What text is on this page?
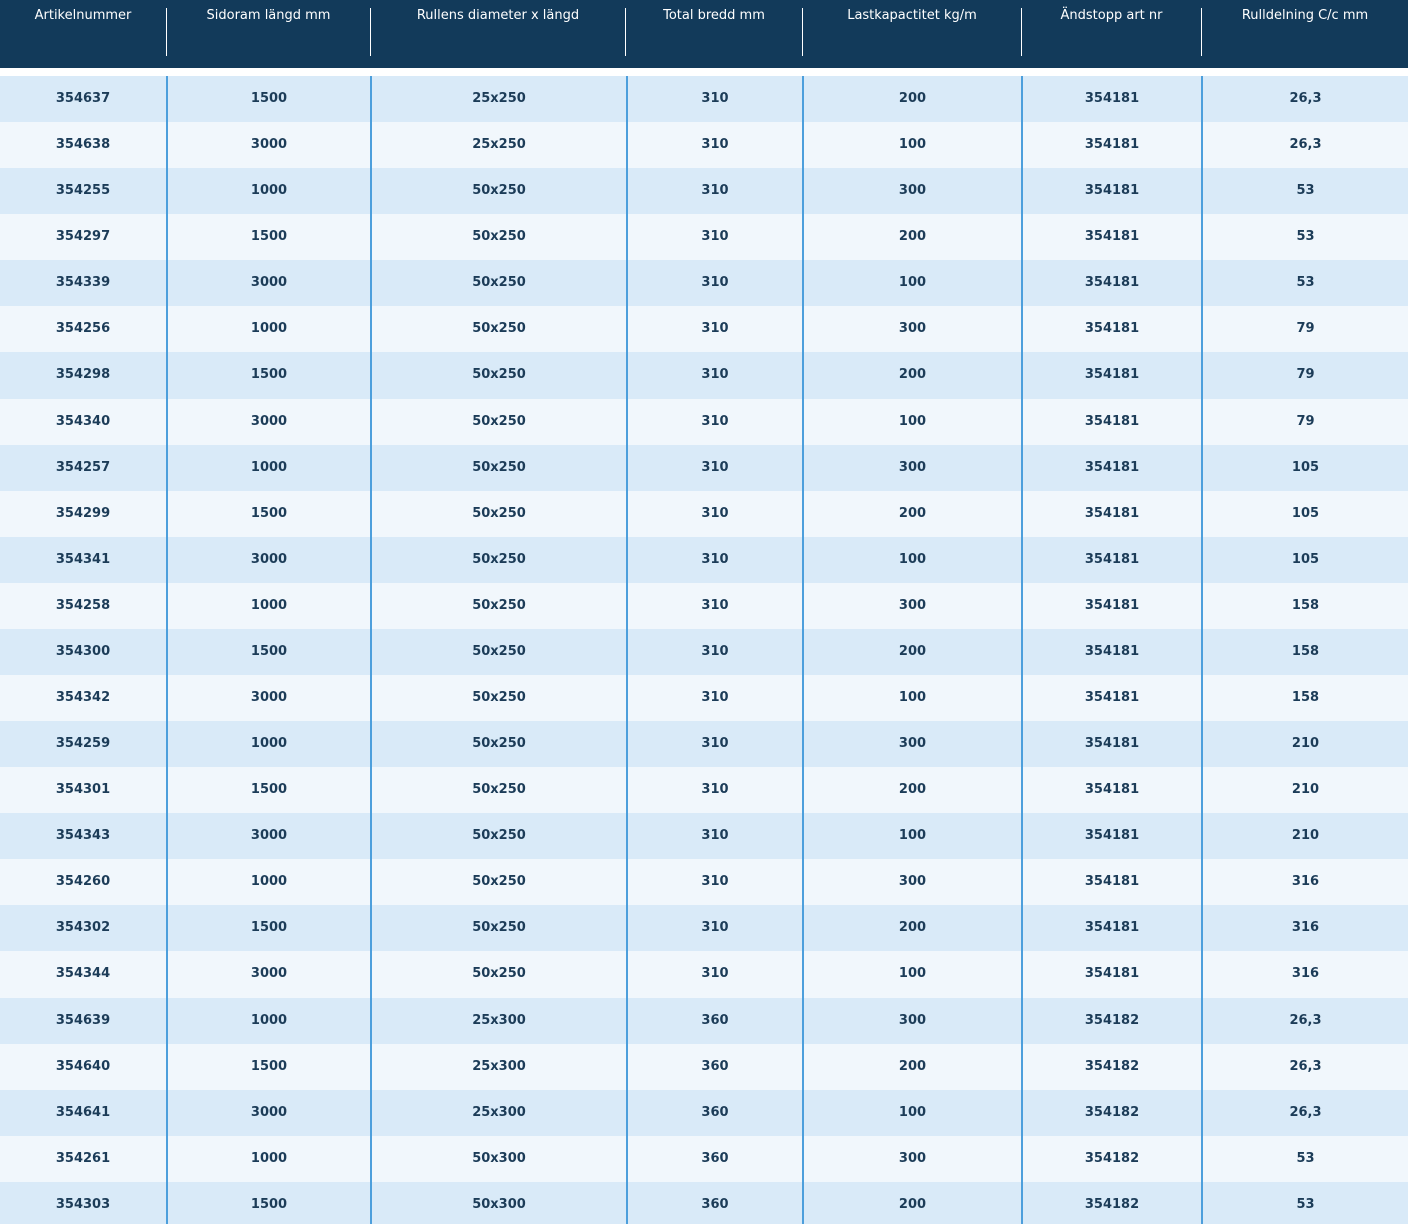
Artikelnummer	Sidoram längd mm	Rullens diameter x längd	Total bredd mm	Lastkapactitet kg/m	Ändstopp art nr	Rulldelning C/c mm
354637	1500	25x250	310	200	354181	26,3
354638	3000	25x250	310	100	354181	26,3
354255	1000	50x250	310	300	354181	53
354297	1500	50x250	310	200	354181	53
354339	3000	50x250	310	100	354181	53
354256	1000	50x250	310	300	354181	79
354298	1500	50x250	310	200	354181	79
354340	3000	50x250	310	100	354181	79
354257	1000	50x250	310	300	354181	105
354299	1500	50x250	310	200	354181	105
354341	3000	50x250	310	100	354181	105
354258	1000	50x250	310	300	354181	158
354300	1500	50x250	310	200	354181	158
354342	3000	50x250	310	100	354181	158
354259	1000	50x250	310	300	354181	210
354301	1500	50x250	310	200	354181	210
354343	3000	50x250	310	100	354181	210
354260	1000	50x250	310	300	354181	316
354302	1500	50x250	310	200	354181	316
354344	3000	50x250	310	100	354181	316
354639	1000	25x300	360	300	354182	26,3
354640	1500	25x300	360	200	354182	26,3
354641	3000	25x300	360	100	354182	26,3
354261	1000	50x300	360	300	354182	53
354303	1500	50x300	360	200	354182	53
